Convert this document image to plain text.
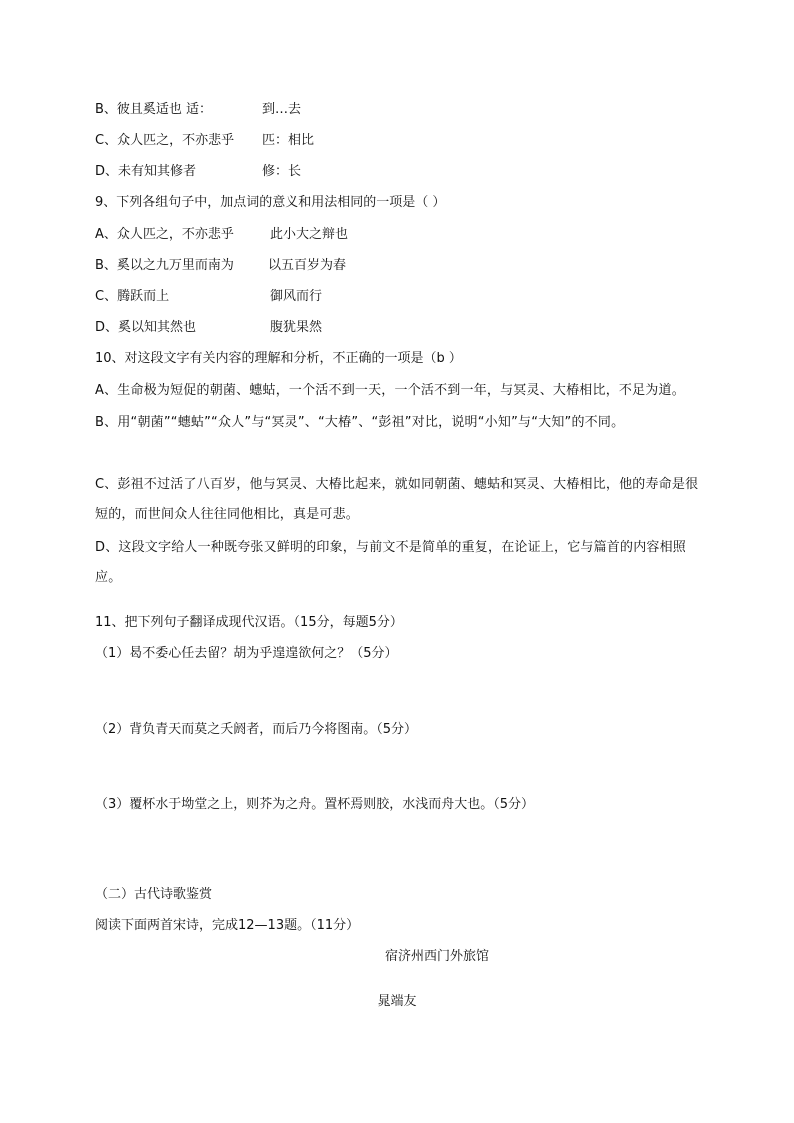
B、彼且奚适也 适：	到…去
C、众人匹之，不亦悲乎 匹：相比
D、未有知其修者	修：长
9、下列各组句子中，加点词的意义和用法相同的一项是（ ）
A、众人匹之，不亦悲乎	此小大之辩也
B、奚以之九万里而南为	以五百岁为春
C、腾跃而上	御风而行
D、奚以知其然也	腹犹果然
10、对这段文字有关内容的理解和分析，不正确的一项是（b ）
A、生命极为短促的朝菌、蟪蛄，一个活不到一天，一个活不到一年，与冥灵、大椿相比，不足为道。
B、用“朝菌”“蟪蛄”“众人”与“冥灵”、“大椿”、“彭祖”对比，说明“小知”与“大知”的不同。
C、彭祖不过活了八百岁，他与冥灵、大椿比起来，就如同朝菌、蟪蛄和冥灵、大椿相比，他的寿命是很短的，而世间众人往往同他相比，真是可悲。
D、这段文字给人一种既夸张又鲜明的印象，与前文不是简单的重复，在论证上，它与篇首的内容相照应。
11、把下列句子翻译成现代汉语。（15分，每题5分）
（1）曷不委心任去留？胡为乎遑遑欲何之？（5分）
（2）背负青天而莫之夭阏者，而后乃今将图南。（5分）
（3）覆杯水于坳堂之上，则芥为之舟。置杯焉则胶，水浅而舟大也。（5分）
（二）古代诗歌鉴赏
阅读下面两首宋诗，完成12—13题。（11分）
宿济州西门外旅馆
晁端友
